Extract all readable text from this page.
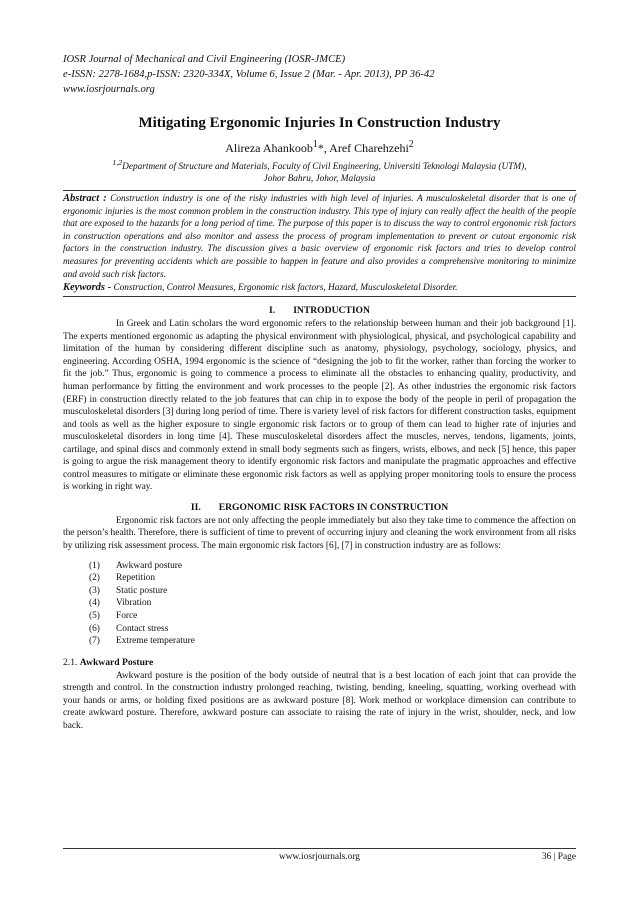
IOSR Journal of Mechanical and Civil Engineering (IOSR-JMCE)
e-ISSN: 2278-1684,p-ISSN: 2320-334X, Volume 6, Issue 2 (Mar. - Apr. 2013), PP 36-42
www.iosrjournals.org
Mitigating Ergonomic Injuries In Construction Industry
Alireza Ahankoob$^1$*, Aref Charehzehi$^2$
$^{1,2}$Department of Structure and Materials, Faculty of Civil Engineering, Universiti Teknologi Malaysia (UTM),
Johor Bahru, Johor, Malaysia
Abstract : Construction industry is one of the risky industries with high level of injuries. A musculoskeletal disorder that is one of ergonomic injuries is the most common problem in the construction industry. This type of injury can really affect the health of the people that are exposed to the hazards for a long period of time. The purpose of this paper is to discuss the way to control ergonomic risk factors in construction operations and also monitor and assess the process of program implementation to prevent or cutout ergonomic risk factors in the construction industry. The discussion gives a basic overview of ergonomic risk factors and tries to develop control measures for preventing accidents which are possible to happen in feature and also provides a comprehensive monitoring to minimize and avoid such risk factors.
Keywords - Construction, Control Measures, Ergonomic risk factors, Hazard, Musculoskeletal Disorder.
I. INTRODUCTION

In Greek and Latin scholars the word ergonomic refers to the relationship between human and their job background [1]. The experts mentioned ergonomic as adapting the physical environment with physiological, physical, and psychological capability and limitation of the human by considering different discipline such as anatomy, physiology, psychology, sociology, physics, and engineering. According OSHA, 1994 ergonomic is the science of “designing the job to fit the worker, rather than forcing the worker to fit the job.” Thus, ergonomic is going to commence a process to eliminate all the obstacles to enhancing quality, productivity, and human performance by fitting the environment and work processes to the people [2]. As other industries the ergonomic risk factors (ERF) in construction directly related to the job features that can chip in to expose the body of the people in peril of propagation the musculoskeletal disorders [3] during long period of time. There is variety level of risk factors for different construction tasks, equipment and tools as well as the higher exposure to single ergonomic risk factors or to group of them can lead to higher rate of injuries and musculoskeletal disorders in long time [4]. These musculoskeletal disorders affect the muscles, nerves, tendons, ligaments, joints, cartilage, and spinal discs and commonly extend in small body segments such as fingers, wrists, elbows, and neck [5] hence, this paper is going to argue the risk management theory to identify ergonomic risk factors and manipulate the pragmatic approaches and effective control measures to mitigate or eliminate these ergonomic risk factors as well as applying proper monitoring tools to ensure the process is working in right way.

II. ERGONOMIC RISK FACTORS IN CONSTRUCTION

Ergonomic risk factors are not only affecting the people immediately but also they take time to commence the affection on the person’s health. Therefore, there is sufficient of time to prevent of occurring injury and cleaning the work environment from all risks by utilizing risk assessment process. The main ergonomic risk factors [6], [7] in construction industry are as follows:

(1) Awkward posture
(2) Repetition
(3) Static posture
(4) Vibration
(5) Force
(6) Contact stress
(7) Extreme temperature
2.1. Awkward Posture

Awkward posture is the position of the body outside of neutral that is a best location of each joint that can provide the strength and control. In the construction industry prolonged reaching, twisting, bending, kneeling, squatting, working overhead with your hands or arms, or holding fixed positions are as awkward posture [8]. Work method or workplace dimension can contribute to create awkward posture. Therefore, awkward posture can associate to raising the rate of injury in the wrist, shoulder, neck, and low back.

www.iosrjournals.org	36 | Page
